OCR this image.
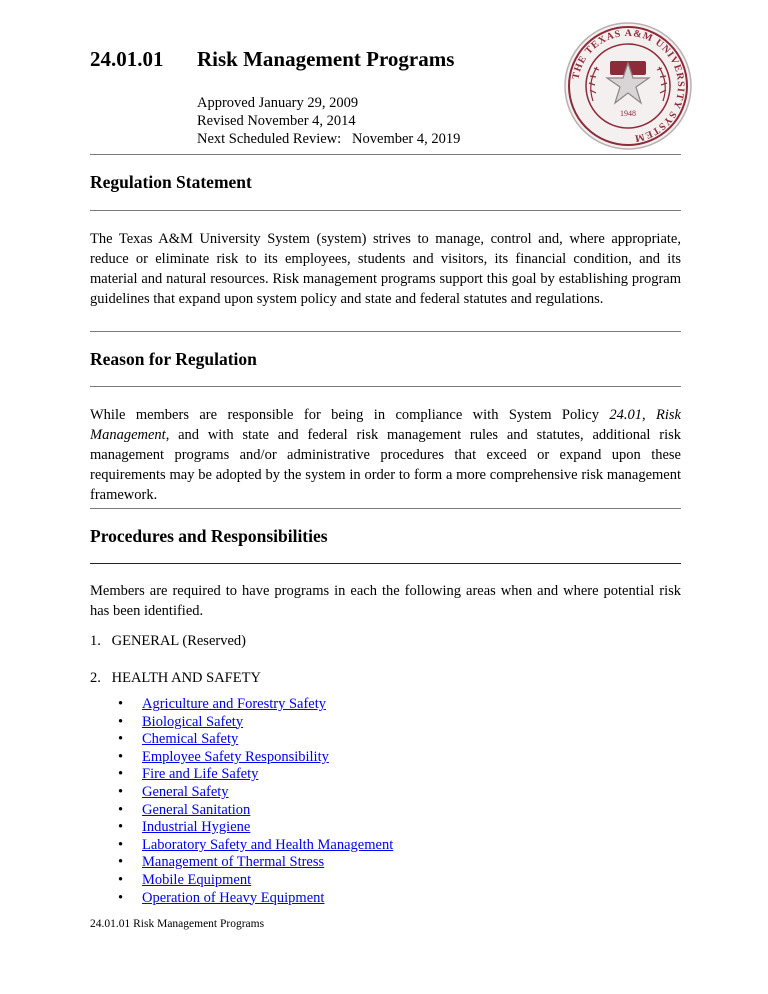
24.01.01 Risk Management Programs
Approved January 29, 2009
Revised November 4, 2014
Next Scheduled Review:   November 4, 2019
THE TEXAS A&M UNIVERSITY SYSTEM
1948
Regulation Statement
The Texas A&M University System (system) strives to manage, control and, where appropriate, reduce or eliminate risk to its employees, students and visitors, its financial condition, and its material and natural resources. Risk management programs support this goal by establishing program guidelines that expand upon system policy and state and federal statutes and regulations.
Reason for Regulation
While members are responsible for being in compliance with System Policy 24.01, Risk Management, and with state and federal risk management rules and statutes, additional risk management programs and/or administrative procedures that exceed or expand upon these requirements may be adopted by the system in order to form a more comprehensive risk management framework.
Procedures and Responsibilities
Members are required to have programs in each the following areas when and where potential risk has been identified.
1. GENERAL (Reserved)
2. HEALTH AND SAFETY
• Agriculture and Forestry Safety
• Biological Safety
• Chemical Safety
• Employee Safety Responsibility
• Fire and Life Safety
• General Safety
• General Sanitation
• Industrial Hygiene
• Laboratory Safety and Health Management
• Management of Thermal Stress
• Mobile Equipment
• Operation of Heavy Equipment
24.01.01 Risk Management Programs
